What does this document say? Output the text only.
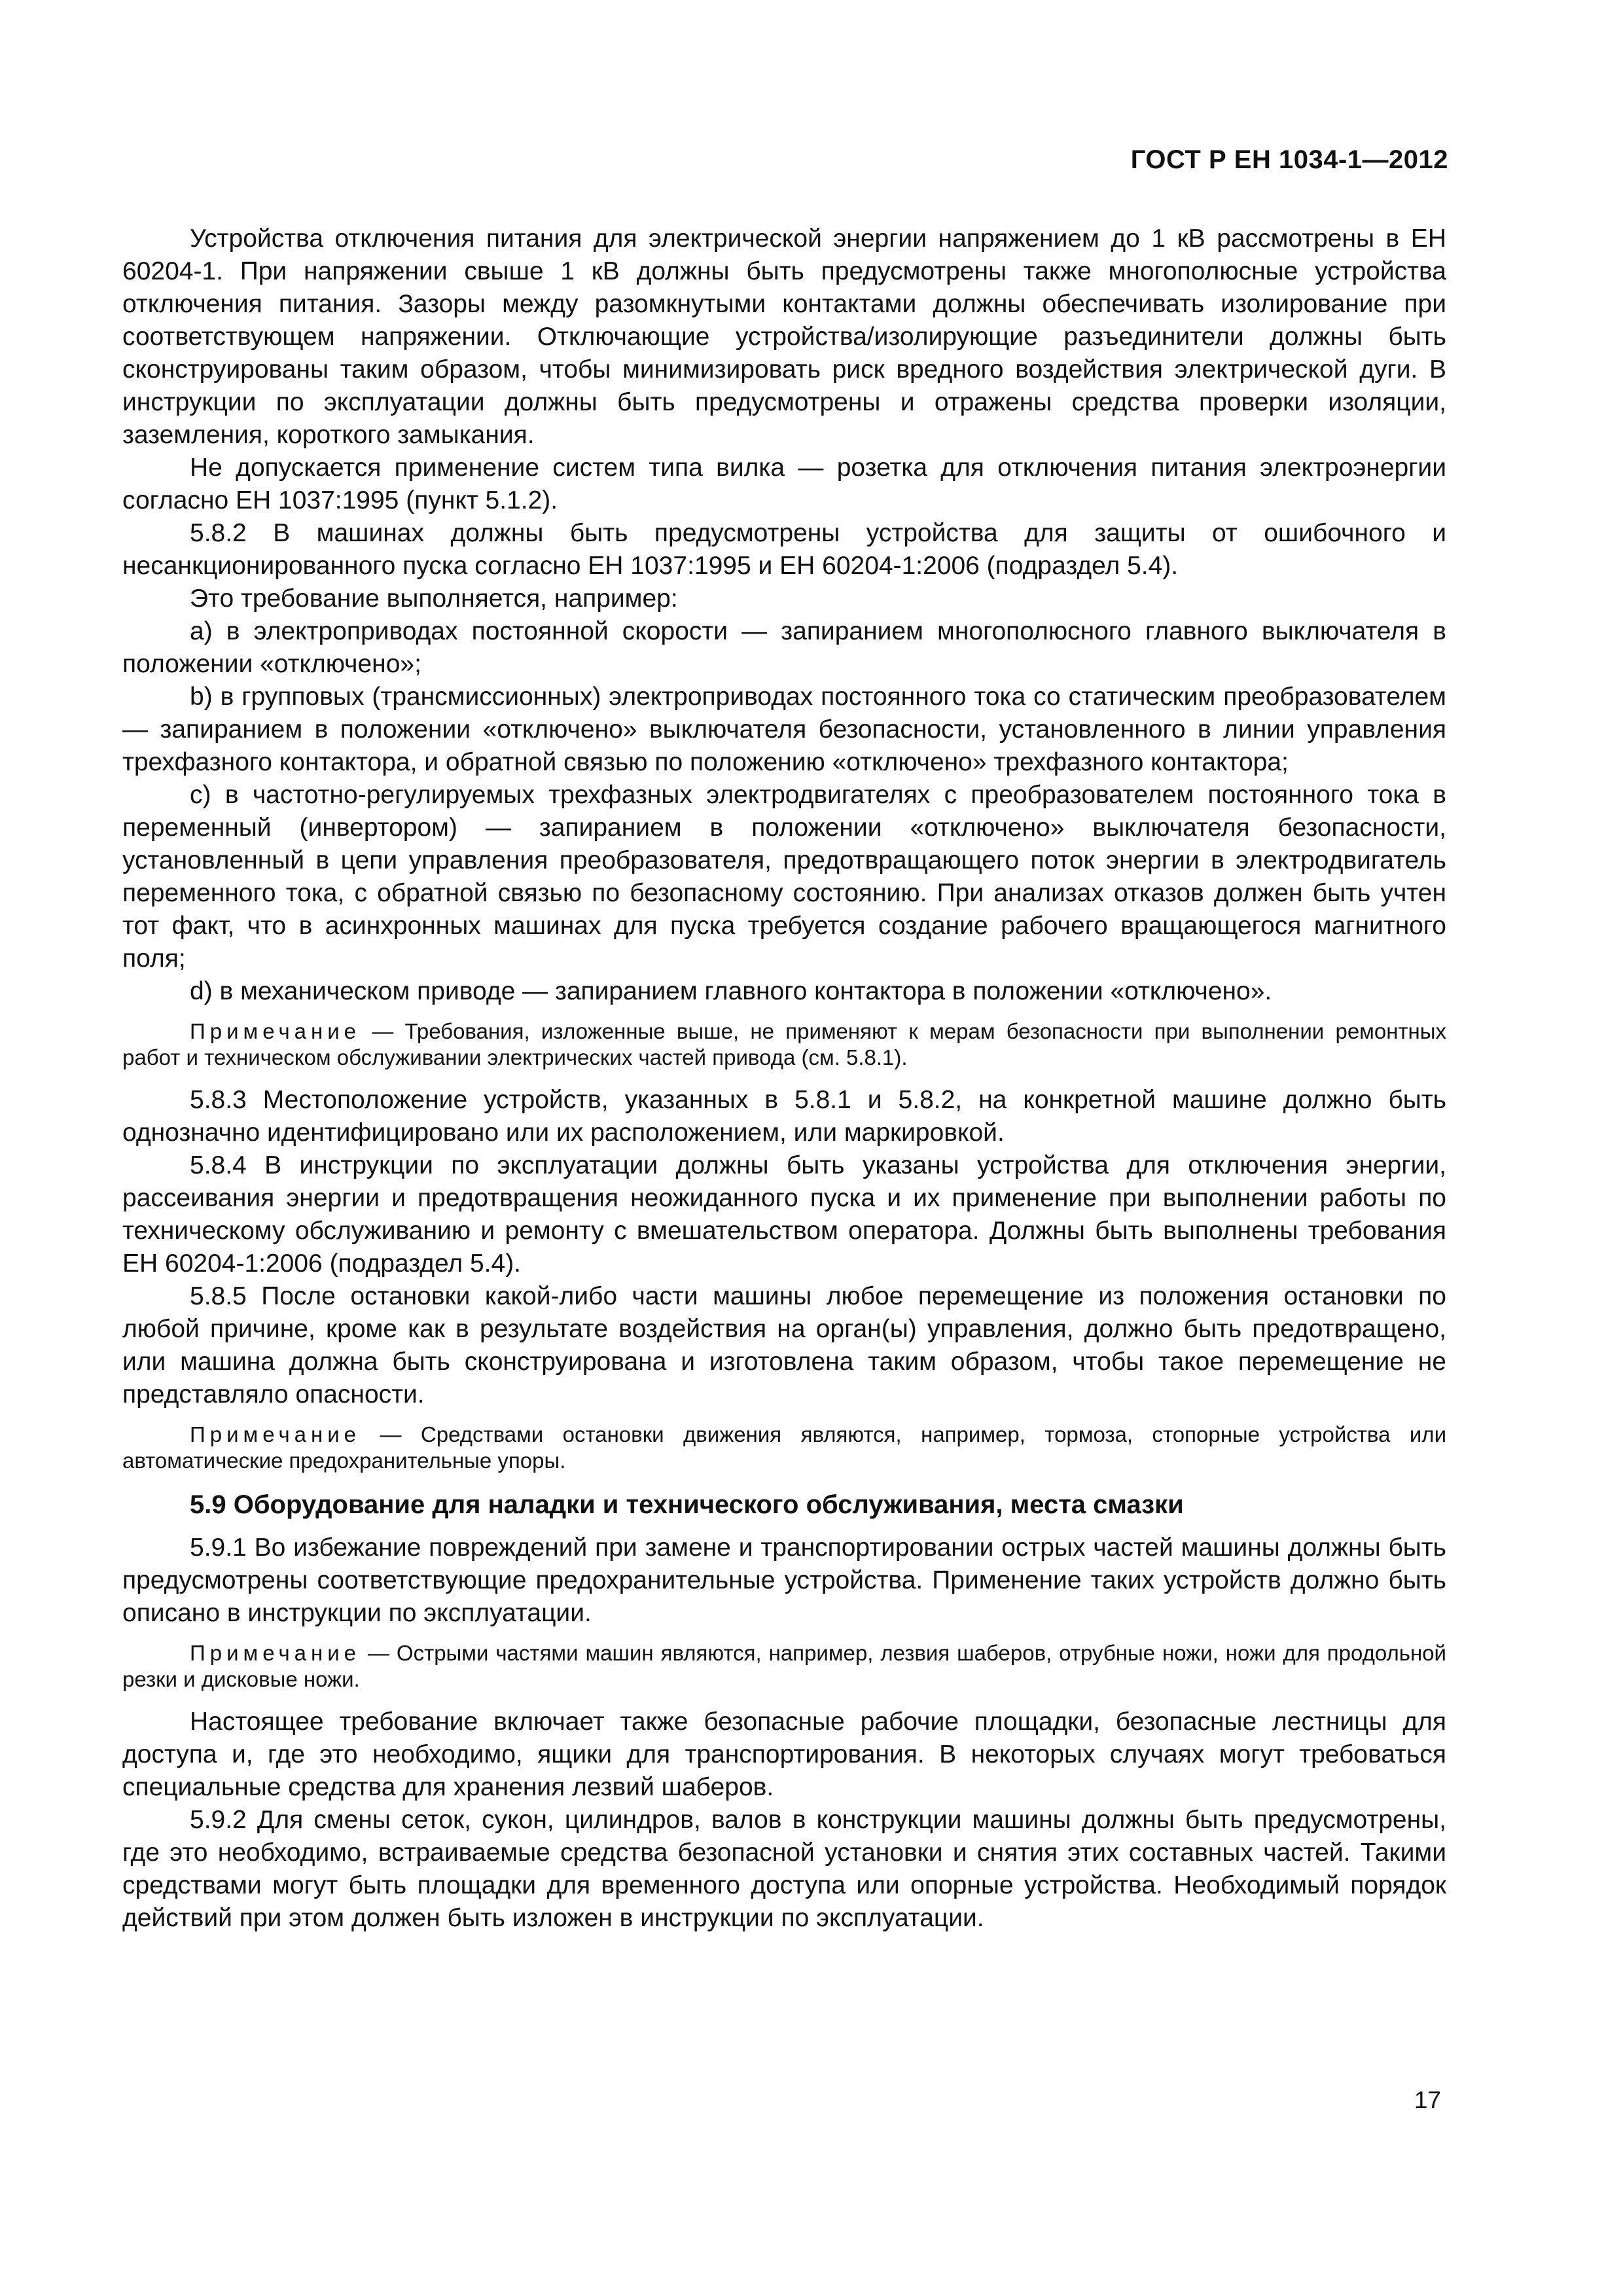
ГОСТ Р ЕН 1034-1—2012

Устройства отключения питания для электрической энергии напряжением до 1 кВ рассмотрены в ЕН 60204-1. При напряжении свыше 1 кВ должны быть предусмотрены также многополюсные устройства отключения питания. Зазоры между разомкнутыми контактами должны обеспечивать изолирование при соответствующем напряжении. Отключающие устройства/изолирующие разъединители должны быть сконструированы таким образом, чтобы минимизировать риск вредного воздействия электрической дуги. В инструкции по эксплуатации должны быть предусмотрены и отражены средства проверки изоляции, заземления, короткого замыкания.

Не допускается применение систем типа вилка — розетка для отключения питания электроэнергии согласно ЕН 1037:1995 (пункт 5.1.2).

5.8.2 В машинах должны быть предусмотрены устройства для защиты от ошибочного и несанкционированного пуска согласно ЕН 1037:1995 и ЕН 60204-1:2006 (подраздел 5.4).

Это требование выполняется, например:

a) в электроприводах постоянной скорости — запиранием многополюсного главного выключателя в положении «отключено»;

b) в групповых (трансмиссионных) электроприводах постоянного тока со статическим преобразователем — запиранием в положении «отключено» выключателя безопасности, установленного в линии управления трехфазного контактора, и обратной связью по положению «отключено» трехфазного контактора;

c) в частотно-регулируемых трехфазных электродвигателях с преобразователем постоянного тока в переменный (инвертором) — запиранием в положении «отключено» выключателя безопасности, установленный в цепи управления преобразователя, предотвращающего поток энергии в электродвигатель переменного тока, с обратной связью по безопасному состоянию. При анализах отказов должен быть учтен тот факт, что в асинхронных машинах для пуска требуется создание рабочего вращающегося магнитного поля;

d) в механическом приводе — запиранием главного контактора в положении «отключено».

Примечание — Требования, изложенные выше, не применяют к мерам безопасности при выполнении ремонтных работ и техническом обслуживании электрических частей привода (см. 5.8.1).

5.8.3 Местоположение устройств, указанных в 5.8.1 и 5.8.2, на конкретной машине должно быть однозначно идентифицировано или их расположением, или маркировкой.

5.8.4 В инструкции по эксплуатации должны быть указаны устройства для отключения энергии, рассеивания энергии и предотвращения неожиданного пуска и их применение при выполнении работы по техническому обслуживанию и ремонту с вмешательством оператора. Должны быть выполнены требования ЕН 60204-1:2006 (подраздел 5.4).

5.8.5 После остановки какой-либо части машины любое перемещение из положения остановки по любой причине, кроме как в результате воздействия на орган(ы) управления, должно быть предотвращено, или машина должна быть сконструирована и изготовлена таким образом, чтобы такое перемещение не представляло опасности.

Примечание — Средствами остановки движения являются, например, тормоза, стопорные устройства или автоматические предохранительные упоры.

5.9 Оборудование для наладки и технического обслуживания, места смазки

5.9.1 Во избежание повреждений при замене и транспортировании острых частей машины должны быть предусмотрены соответствующие предохранительные устройства. Применение таких устройств должно быть описано в инструкции по эксплуатации.

Примечание — Острыми частями машин являются, например, лезвия шаберов, отрубные ножи, ножи для продольной резки и дисковые ножи.

Настоящее требование включает также безопасные рабочие площадки, безопасные лестницы для доступа и, где это необходимо, ящики для транспортирования. В некоторых случаях могут требоваться специальные средства для хранения лезвий шаберов.

5.9.2 Для смены сеток, сукон, цилиндров, валов в конструкции машины должны быть предусмотрены, где это необходимо, встраиваемые средства безопасной установки и снятия этих составных частей. Такими средствами могут быть площадки для временного доступа или опорные устройства. Необходимый порядок действий при этом должен быть изложен в инструкции по эксплуатации.

17
